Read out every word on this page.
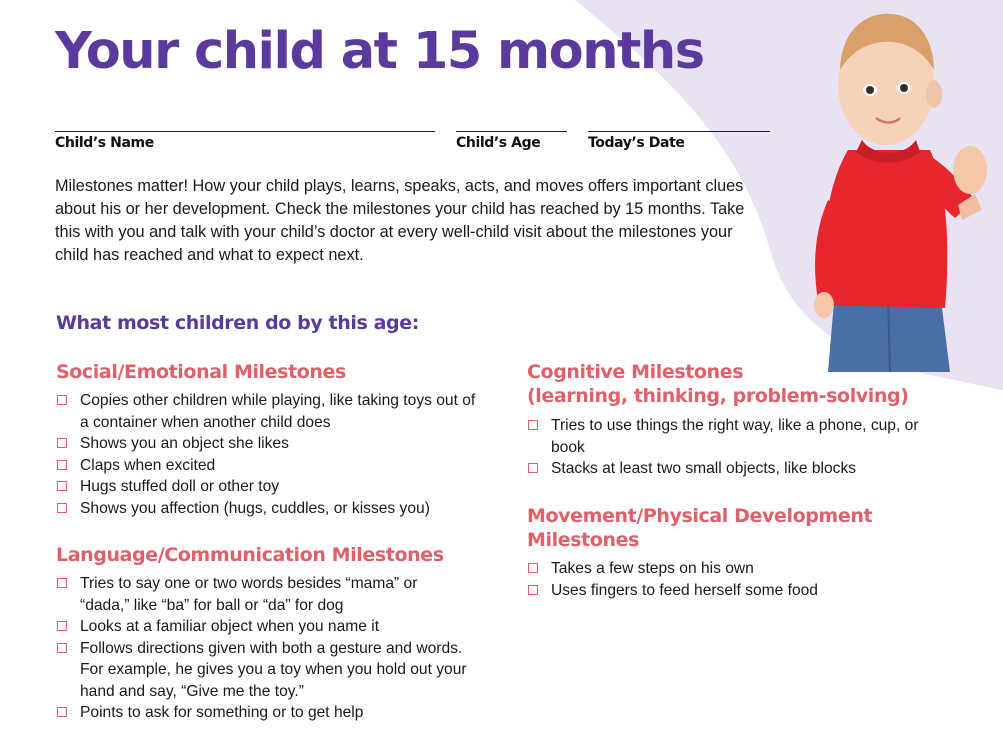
Your child at 15 months
Child’s Name	Child’s Age	Today’s Date

Milestones matter! How your child plays, learns, speaks, acts, and moves offers important clues about his or her development. Check the milestones your child has reached by 15 months. Take this with you and talk with your child’s doctor at every well-child visit about the milestones your child has reached and what to expect next.

What most children do by this age:
Social/Emotional Milestones
Copies other children while playing, like taking toys out of a container when another child does
Shows you an object she likes
Claps when excited
Hugs stuffed doll or other toy
Shows you affection (hugs, cuddles, or kisses you)
Language/Communication Milestones
Tries to say one or two words besides “mama” or “dada,” like “ba” for ball or “da” for dog
Looks at a familiar object when you name it
Follows directions given with both a gesture and words. For example, he gives you a toy when you hold out your hand and say, “Give me the toy.”
Points to ask for something or to get help
Cognitive Milestones
(learning, thinking, problem-solving)
Tries to use things the right way, like a phone, cup, or book
Stacks at least two small objects, like blocks
Movement/Physical Development
Milestones
Takes a few steps on his own
Uses fingers to feed herself some food
